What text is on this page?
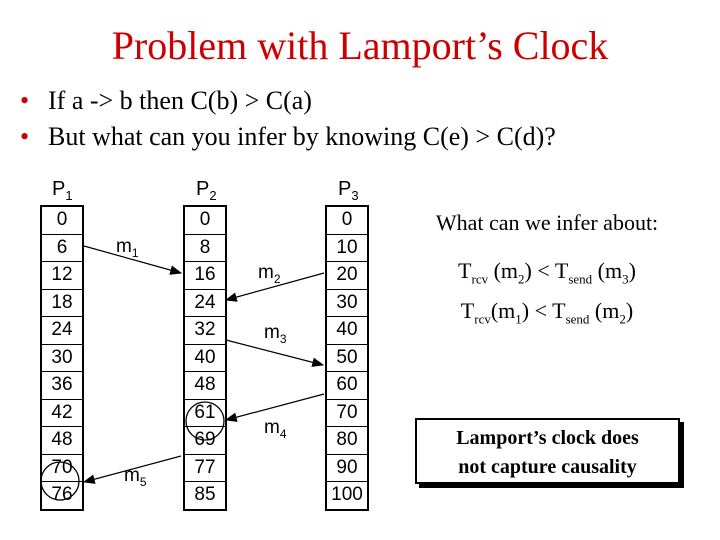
Problem with Lamport’s Clock
• If a -> b then C(b) > C(a)
• But what can you infer by knowing C(e) > C(d)?
$P_1$	$P_2$	$P_3$
0
6
12
18
24
30
36
42
48
70
76
0
8
16
24
32
40
48
61
69
77
85
0
10
20
30
40
50
60
70
80
90
100
$m_1$
$m_2$
$m_3$
$m_4$
$m_5$
What can we infer about:
$T_{rcv}$ $(m_2) < T_{send}$ $(m_3)$
$T_{rcv}(m_1) < T_{send}$ $(m_2)$
Lamport’s clock does
not capture causality
